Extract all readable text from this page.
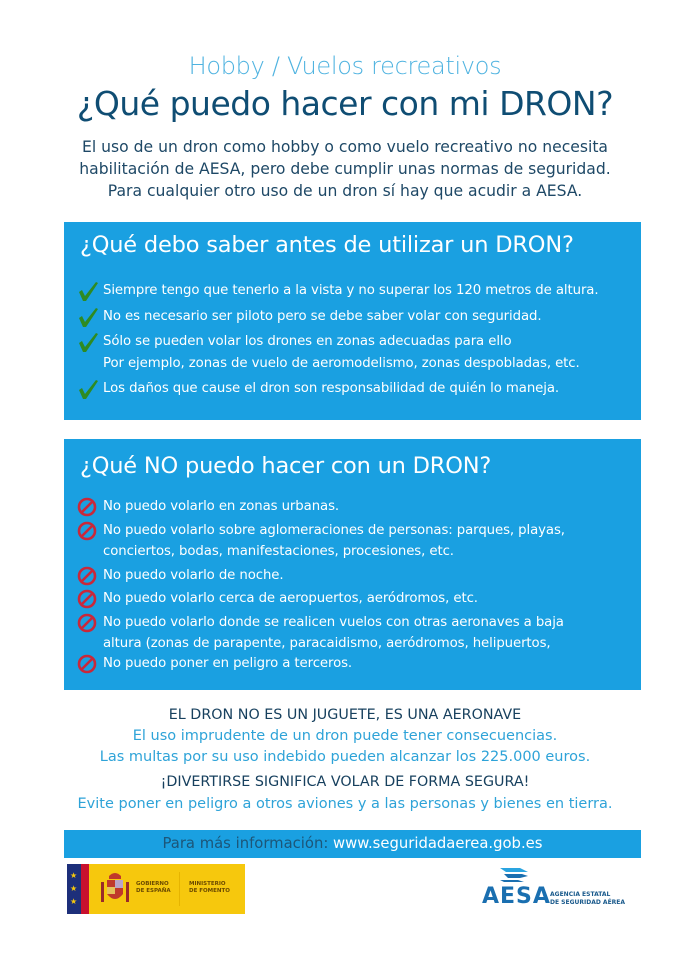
Hobby / Vuelos recreativos
¿Qué puedo hacer con mi DRON?
El uso de un dron como hobby o como vuelo recreativo no necesita
habilitación de AESA, pero debe cumplir unas normas de seguridad.
Para cualquier otro uso de un dron sí hay que acudir a AESA.
¿Qué debo saber antes de utilizar un DRON?
Siempre tengo que tenerlo a la vista y no superar los 120 metros de altura.
No es necesario ser piloto pero se debe saber volar con seguridad.
Sólo se pueden volar los drones en zonas adecuadas para ello
Por ejemplo, zonas de vuelo de aeromodelismo, zonas despobladas, etc.
Los daños que cause el dron son responsabilidad de quién lo maneja.
¿Qué NO puedo hacer con un DRON?
No puedo volarlo en zonas urbanas.
No puedo volarlo sobre aglomeraciones de personas: parques, playas,
conciertos, bodas, manifestaciones, procesiones, etc.
No puedo volarlo de noche.
No puedo volarlo cerca de aeropuertos, aeródromos, etc.
No puedo volarlo donde se realicen vuelos con otras aeronaves a baja
altura (zonas de parapente, paracaidismo, aeródromos, helipuertos,
No puedo poner en peligro a terceros.
EL DRON NO ES UN JUGUETE, ES UNA AERONAVE
El uso imprudente de un dron puede tener consecuencias.
Las multas por su uso indebido pueden alcanzar los 225.000 euros.
¡DIVERTIRSE SIGNIFICA VOLAR DE FORMA SEGURA!
Evite poner en peligro a otros aviones y a las personas y bienes en tierra.
Para más información: www.seguridadaerea.gob.es
★
★
★
GOBIERNO
DE ESPAÑA
MINISTERIO
DE FOMENTO	AESA AGENCIA ESTATAL
DE SEGURIDAD AÉREA
